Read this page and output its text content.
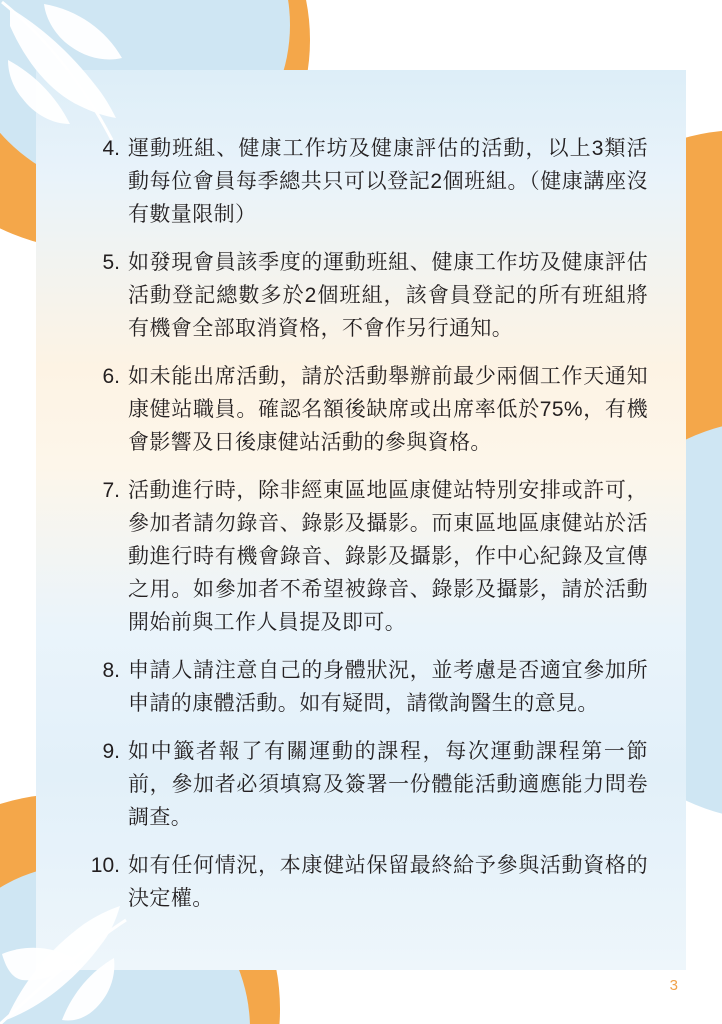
4. 運動班組、健康工作坊及健康評估的活動，以上3類活動每位會員每季總共只可以登記2個班組。（健康講座沒有數量限制）
5. 如發現會員該季度的運動班組、健康工作坊及健康評估活動登記總數多於2個班組，該會員登記的所有班組將有機會全部取消資格，不會作另行通知。
6. 如未能出席活動，請於活動舉辦前最少兩個工作天通知康健站職員。確認名額後缺席或出席率低於75%，有機會影響及日後康健站活動的參與資格。
7. 活動進行時，除非經東區地區康健站特別安排或許可，參加者請勿錄音、錄影及攝影。而東區地區康健站於活動進行時有機會錄音、錄影及攝影，作中心紀錄及宣傳之用。如參加者不希望被錄音、錄影及攝影，請於活動開始前與工作人員提及即可。
8. 申請人請注意自己的身體狀況，並考慮是否適宜參加所申請的康體活動。如有疑問，請徵詢醫生的意見。
9. 如中籤者報了有關運動的課程，每次運動課程第一節前，參加者必須填寫及簽署一份體能活動適應能力問卷調查。
10. 如有任何情況，本康健站保留最終給予參與活動資格的決定權。
3
